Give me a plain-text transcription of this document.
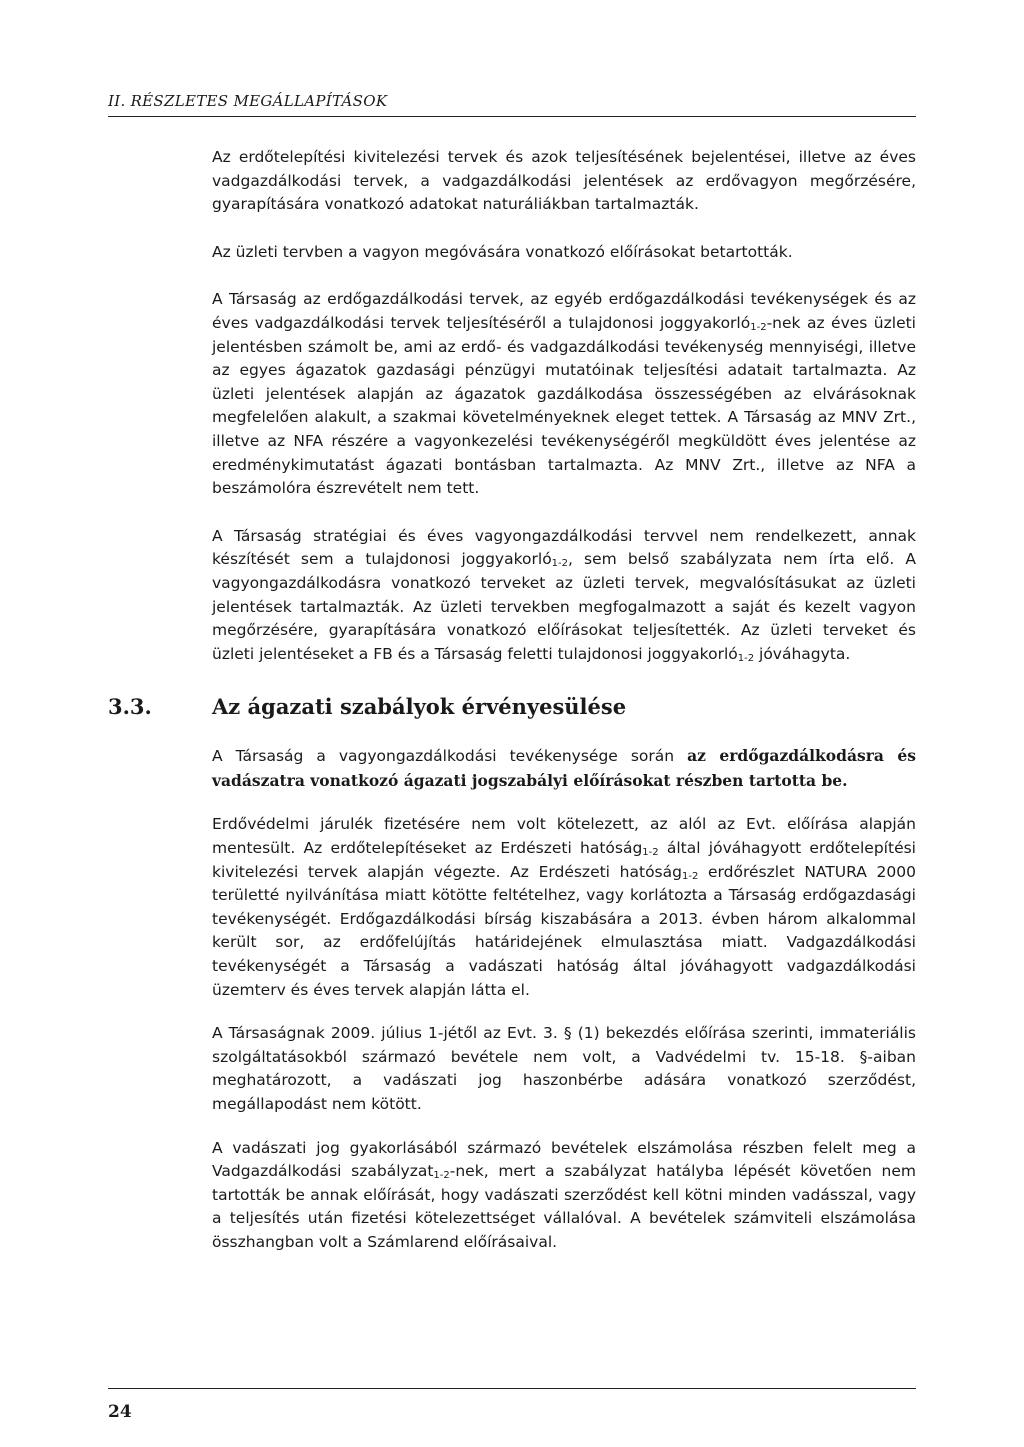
II. RÉSZLETES MEGÁLLAPÍTÁSOK

Az erdőtelepítési kivitelezési tervek és azok teljesítésének bejelentései, illetve az éves vadgazdálkodási tervek, a vadgazdálkodási jelentések az erdővagyon megőrzésére, gyarapítására vonatkozó adatokat naturáliákban tartalmazták.

Az üzleti tervben a vagyon megóvására vonatkozó előírásokat betartották.

A Társaság az erdőgazdálkodási tervek, az egyéb erdőgazdálkodási tevékenységek és az éves vadgazdálkodási tervek teljesítéséről a tulajdonosi joggyakorló$_{1-2}$-nek az éves üzleti jelentésben számolt be, ami az erdő- és vadgazdálkodási tevékenység mennyiségi, illetve az egyes ágazatok gazdasági pénzügyi mutatóinak teljesítési adatait tartalmazta. Az üzleti jelentések alapján az ágazatok gazdálkodása összességében az elvárásoknak megfelelően alakult, a szakmai követelményeknek eleget tettek. A Társaság az MNV Zrt., illetve az NFA részére a vagyonkezelési tevékenységéről megküldött éves jelentése az eredménykimutatást ágazati bontásban tartalmazta. Az MNV Zrt., illetve az NFA a beszámolóra észrevételt nem tett.

A Társaság stratégiai és éves vagyongazdálkodási tervvel nem rendelkezett, annak készítését sem a tulajdonosi joggyakorló$_{1-2}$, sem belső szabályzata nem írta elő. A vagyongazdálkodásra vonatkozó terveket az üzleti tervek, megvalósításukat az üzleti jelentések tartalmazták. Az üzleti tervekben megfogalmazott a saját és kezelt vagyon megőrzésére, gyarapítására vonatkozó előírásokat teljesítették. Az üzleti terveket és üzleti jelentéseket a FB és a Társaság feletti tulajdonosi joggyakorló$_{1-2}$ jóváhagyta.

3.3.	Az ágazati szabályok érvényesülése

A Társaság a vagyongazdálkodási tevékenysége során az erdőgazdálkodásra és vadászatra vonatkozó ágazati jogszabályi előírásokat részben tartotta be.

Erdővédelmi járulék fizetésére nem volt kötelezett, az alól az Evt. előírása alapján mentesült. Az erdőtelepítéseket az Erdészeti hatóság$_{1-2}$ által jóváhagyott erdőtelepítési kivitelezési tervek alapján végezte. Az Erdészeti hatóság$_{1-2}$ erdőrészlet NATURA 2000 területté nyilvánítása miatt kötötte feltételhez, vagy korlátozta a Társaság erdőgazdasági tevékenységét. Erdőgazdálkodási bírság kiszabására a 2013. évben három alkalommal került sor, az erdőfelújítás határidejének elmulasztása miatt. Vadgazdálkodási tevékenységét a Társaság a vadászati hatóság által jóváhagyott vadgazdálkodási üzemterv és éves tervek alapján látta el.

A Társaságnak 2009. július 1-jétől az Evt. 3. § (1) bekezdés előírása szerinti, immateriális szolgáltatásokból származó bevétele nem volt, a Vadvédelmi tv. 15-18. §-aiban meghatározott, a vadászati jog haszonbérbe adására vonatkozó szerződést, megállapodást nem kötött.

A vadászati jog gyakorlásából származó bevételek elszámolása részben felelt meg a Vadgazdálkodási szabályzat$_{1-2}$-nek, mert a szabályzat hatályba lépését követően nem tartották be annak előírását, hogy vadászati szerződést kell kötni minden vadásszal, vagy a teljesítés után fizetési kötelezettséget vállalóval. A bevételek számviteli elszámolása összhangban volt a Számlarend előírásaival.

24
